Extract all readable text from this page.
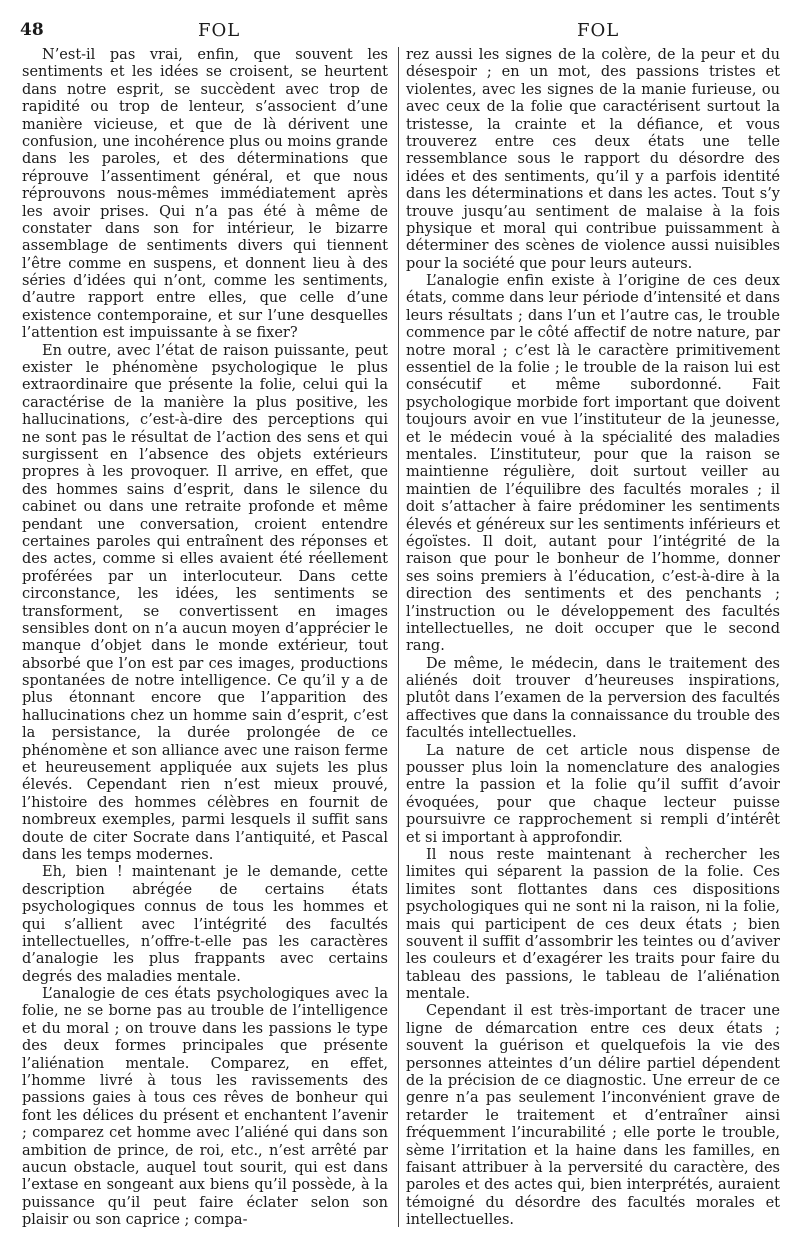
48	FOL	FOL

N’est-il pas vrai, enfin, que souvent les sentiments et les idées se croisent, se heurtent dans notre esprit, se succèdent avec trop de rapidité ou trop de lenteur, s’associent d’une manière vicieuse, et que de là dérivent une confusion, une incohérence plus ou moins grande dans les paroles, et des déterminations que réprouve l’assentiment général, et que nous réprouvons nous-mêmes immédiatement après les avoir prises. Qui n’a pas été à même de constater dans son for intérieur, le bizarre assemblage de sentiments divers qui tiennent l’être comme en suspens, et donnent lieu à des séries d’idées qui n’ont, comme les sentiments, d’autre rapport entre elles, que celle d’une existence contemporaine, et sur l’une desquelles l’attention est impuissante à se fixer?

En outre, avec l’état de raison puissante, peut exister le phénomène psychologique le plus extraordinaire que présente la folie, celui qui la caractérise de la manière la plus positive, les hallucinations, c’est-à-dire des perceptions qui ne sont pas le résultat de l’action des sens et qui surgissent en l’absence des objets extérieurs propres à les provoquer. Il arrive, en effet, que des hommes sains d’esprit, dans le silence du cabinet ou dans une retraite profonde et même pendant une conversation, croient entendre certaines paroles qui entraînent des réponses et des actes, comme si elles avaient été réellement proférées par un interlocuteur. Dans cette circonstance, les idées, les sentiments se transforment, se convertissent en images sensibles dont on n’a aucun moyen d’apprécier le manque d’objet dans le monde extérieur, tout absorbé que l’on est par ces images, productions spontanées de notre intelligence. Ce qu’il y a de plus étonnant encore que l’apparition des hallucinations chez un homme sain d’esprit, c’est la persistance, la durée prolongée de ce phénomène et son alliance avec une raison ferme et heureusement appliquée aux sujets les plus élevés. Cependant rien n’est mieux prouvé, l’histoire des hommes célèbres en fournit de nombreux exemples, parmi lesquels il suffit sans doute de citer Socrate dans l’antiquité, et Pascal dans les temps modernes.

Eh, bien ! maintenant je le demande, cette description abrégée de certains états psychologiques connus de tous les hommes et qui s’allient avec l’intégrité des facultés intellectuelles, n’offre-t-elle pas les caractères d’analogie les plus frappants avec certains degrés des maladies mentale.

L’analogie de ces états psychologiques avec la folie, ne se borne pas au trouble de l’intelligence et du moral ; on trouve dans les passions le type des deux formes principales que présente l’aliénation mentale. Comparez, en effet, l’homme livré à tous les ravissements des passions gaies à tous ces rêves de bonheur qui font les délices du présent et enchantent l’avenir ; comparez cet homme avec l’aliéné qui dans son ambition de prince, de roi, etc., n’est arrêté par aucun obstacle, auquel tout sourit, qui est dans l’extase en songeant aux biens qu’il possède, à la puissance qu’il peut faire éclater selon son plaisir ou son caprice ; compa-

rez aussi les signes de la colère, de la peur et du désespoir ; en un mot, des passions tristes et violentes, avec les signes de la manie furieuse, ou avec ceux de la folie que caractérisent surtout la tristesse, la crainte et la défiance, et vous trouverez entre ces deux états une telle ressemblance sous le rapport du désordre des idées et des sentiments, qu’il y a parfois identité dans les déterminations et dans les actes. Tout s’y trouve jusqu’au sentiment de malaise à la fois physique et moral qui contribue puissamment à déterminer des scènes de violence aussi nuisibles pour la société que pour leurs auteurs.

L’analogie enfin existe à l’origine de ces deux états, comme dans leur période d’intensité et dans leurs résultats ; dans l’un et l’autre cas, le trouble commence par le côté affectif de notre nature, par notre moral ; c’est là le caractère primitivement essentiel de la folie ; le trouble de la raison lui est consécutif et même subordonné. Fait psychologique morbide fort important que doivent toujours avoir en vue l’instituteur de la jeunesse, et le médecin voué à la spécialité des maladies mentales. L’instituteur, pour que la raison se maintienne régulière, doit surtout veiller au maintien de l’équilibre des facultés morales ; il doit s’attacher à faire prédominer les sentiments élevés et généreux sur les sentiments inférieurs et égoïstes. Il doit, autant pour l’intégrité de la raison que pour le bonheur de l’homme, donner ses soins premiers à l’éducation, c’est-à-dire à la direction des sentiments et des penchants ; l’instruction ou le développement des facultés intellectuelles, ne doit occuper que le second rang.

De même, le médecin, dans le traitement des aliénés doit trouver d’heureuses inspirations, plutôt dans l’examen de la perversion des facultés affectives que dans la connaissance du trouble des facultés intellectuelles.

La nature de cet article nous dispense de pousser plus loin la nomenclature des analogies entre la passion et la folie qu’il suffit d’avoir évoquées, pour que chaque lecteur puisse poursuivre ce rapprochement si rempli d’intérêt et si important à approfondir.

Il nous reste maintenant à rechercher les limites qui séparent la passion de la folie. Ces limites sont flottantes dans ces dispositions psychologiques qui ne sont ni la raison, ni la folie, mais qui participent de ces deux états ; bien souvent il suffit d’assombrir les teintes ou d’aviver les couleurs et d’exagérer les traits pour faire du tableau des passions, le tableau de l’aliénation mentale.

Cependant il est très-important de tracer une ligne de démarcation entre ces deux états ; souvent la guérison et quelquefois la vie des personnes atteintes d’un délire partiel dépendent de la précision de ce diagnostic. Une erreur de ce genre n’a pas seulement l’inconvénient grave de retarder le traitement et d’entraîner ainsi fréquemment l’incurabilité ; elle porte le trouble, sème l’irritation et la haine dans les familles, en faisant attribuer à la perversité du caractère, des paroles et des actes qui, bien interprétés, auraient témoigné du désordre des facultés morales et intellectuelles.
